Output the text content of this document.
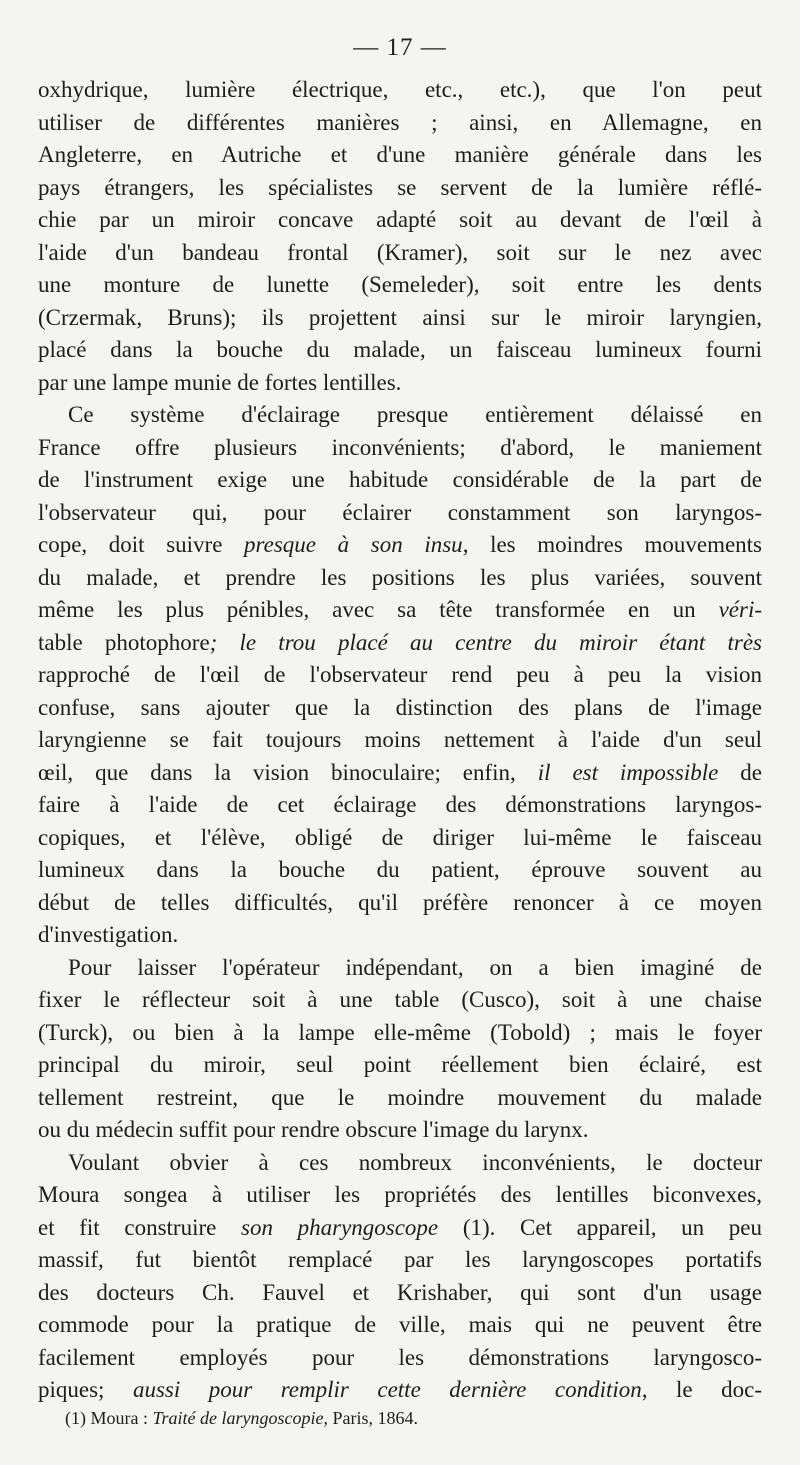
— 17 —

oxhydrique, lumière électrique, etc., etc.), que l'on peut

utiliser de différentes manières ; ainsi, en Allemagne, en

Angleterre, en Autriche et d'une manière générale dans les

pays étrangers, les spécialistes se servent de la lumière réflé-

chie par un miroir concave adapté soit au devant de l'œil à

l'aide d'un bandeau frontal (Kramer), soit sur le nez avec

une monture de lunette (Semeleder), soit entre les dents

(Crzermak, Bruns); ils projettent ainsi sur le miroir laryngien,

placé dans la bouche du malade, un faisceau lumineux fourni

par une lampe munie de fortes lentilles.

Ce système d'éclairage presque entièrement délaissé en

France offre plusieurs inconvénients; d'abord, le maniement

de l'instrument exige une habitude considérable de la part de

l'observateur qui, pour éclairer constamment son laryngos-

cope, doit suivre presque à son insu, les moindres mouvements

du malade, et prendre les positions les plus variées, souvent

même les plus pénibles, avec sa tête transformée en un véri-

table photophore; le trou placé au centre du miroir étant très

rapproché de l'œil de l'observateur rend peu à peu la vision

confuse, sans ajouter que la distinction des plans de l'image

laryngienne se fait toujours moins nettement à l'aide d'un seul

œil, que dans la vision binoculaire; enfin, il est impossible de

faire à l'aide de cet éclairage des démonstrations laryngos-

copiques, et l'élève, obligé de diriger lui-même le faisceau

lumineux dans la bouche du patient, éprouve souvent au

début de telles difficultés, qu'il préfère renoncer à ce moyen

d'investigation.

Pour laisser l'opérateur indépendant, on a bien imaginé de

fixer le réflecteur soit à une table (Cusco), soit à une chaise

(Turck), ou bien à la lampe elle-même (Tobold) ; mais le foyer

principal du miroir, seul point réellement bien éclairé, est

tellement restreint, que le moindre mouvement du malade

ou du médecin suffit pour rendre obscure l'image du larynx.

Voulant obvier à ces nombreux inconvénients, le docteur

Moura songea à utiliser les propriétés des lentilles biconvexes,

et fit construire son pharyngoscope (1). Cet appareil, un peu

massif, fut bientôt remplacé par les laryngoscopes portatifs

des docteurs Ch. Fauvel et Krishaber, qui sont d'un usage

commode pour la pratique de ville, mais qui ne peuvent être

facilement employés pour les démonstrations laryngosco-

piques; aussi pour remplir cette dernière condition, le doc-

(1) Moura : Traité de laryngoscopie, Paris, 1864.
